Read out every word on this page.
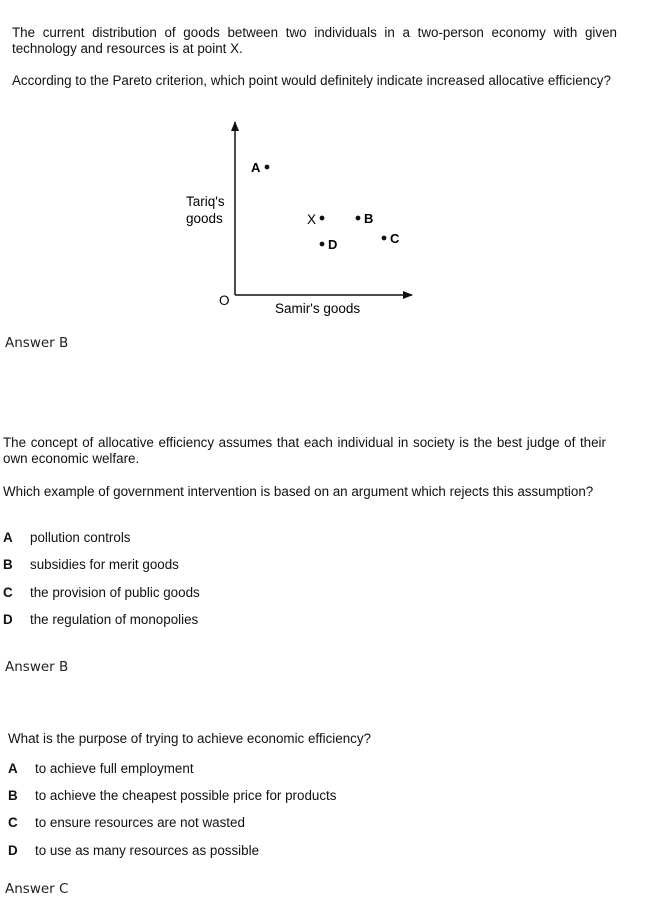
The current distribution of goods between two individuals in a two-person economy with given technology and resources is at point X.
According to the Pareto criterion, which point would definitely indicate increased allocative efficiency?
Tariq's
goods
Samir's goods
O
A
X	B
C
D
Answer B
The concept of allocative efficiency assumes that each individual in society is the best judge of their own economic welfare.
Which example of government intervention is based on an argument which rejects this assumption?
A pollution controls
B subsidies for merit goods
C the provision of public goods
D the regulation of monopolies
Answer B
What is the purpose of trying to achieve economic efficiency?
A to achieve full employment
B to achieve the cheapest possible price for products
C to ensure resources are not wasted
D to use as many resources as possible
Answer C
